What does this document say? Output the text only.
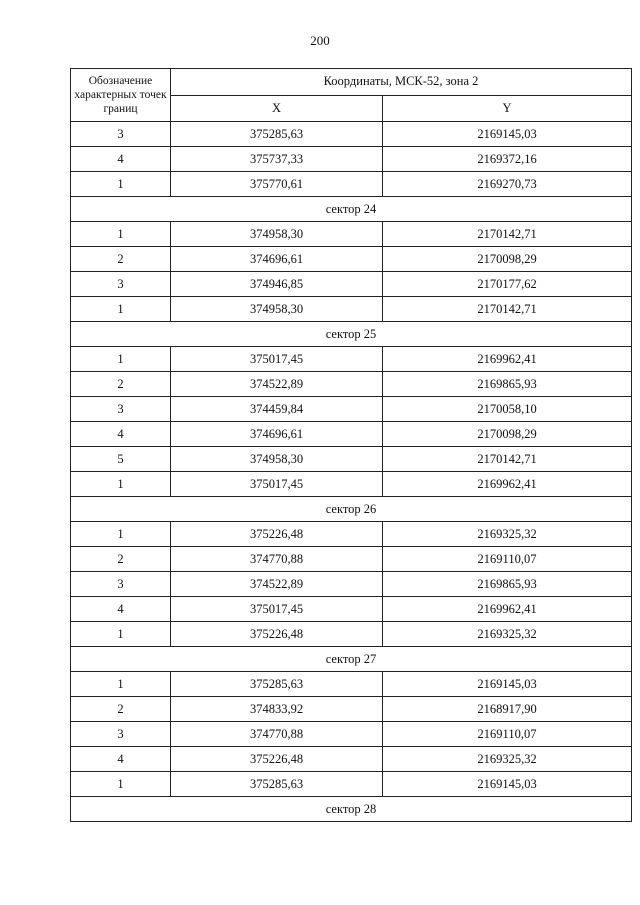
200
Обозначение характерных точек границ	Координаты, МСК-52, зона 2	
	X	Y
3	375285,63	2169145,03
4	375737,33	2169372,16
1	375770,61	2169270,73
сектор 24		
1	374958,30	2170142,71
2	374696,61	2170098,29
3	374946,85	2170177,62
1	374958,30	2170142,71
сектор 25		
1	375017,45	2169962,41
2	374522,89	2169865,93
3	374459,84	2170058,10
4	374696,61	2170098,29
5	374958,30	2170142,71
1	375017,45	2169962,41
сектор 26		
1	375226,48	2169325,32
2	374770,88	2169110,07
3	374522,89	2169865,93
4	375017,45	2169962,41
1	375226,48	2169325,32
сектор 27		
1	375285,63	2169145,03
2	374833,92	2168917,90
3	374770,88	2169110,07
4	375226,48	2169325,32
1	375285,63	2169145,03
сектор 28		
